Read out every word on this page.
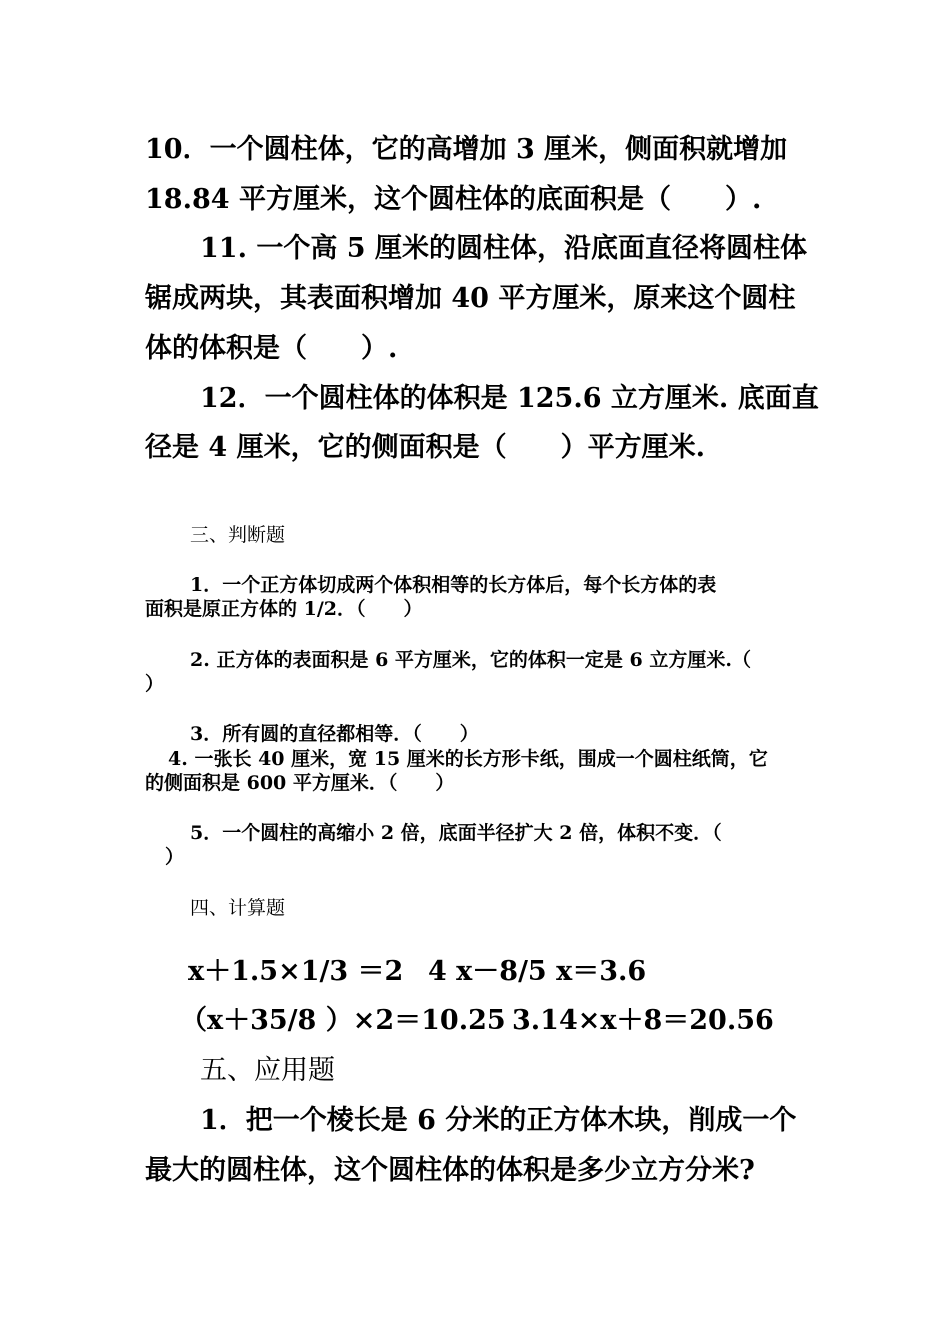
10．一个圆柱体，它的高增加 3 厘米，侧面积就增加
18.84 平方厘米，这个圆柱体的底面积是（　　）.
11. 一个高 5 厘米的圆柱体，沿底面直径将圆柱体
锯成两块，其表面积增加 40 平方厘米，原来这个圆柱
体的体积是（　　）.
12．一个圆柱体的体积是 125.6 立方厘米. 底面直
径是 4 厘米，它的侧面积是（　　）平方厘米.
三、判断题
1．一个正方体切成两个体积相等的长方体后，每个长方体的表
面积是原正方体的 1/2．（　　）
2. 正方体的表面积是 6 平方厘米，它的体积一定是 6 立方厘米.（
）
3．所有圆的直径都相等．（　　）
4. 一张长 40 厘米，宽 15 厘米的长方形卡纸，围成一个圆柱纸筒，它
的侧面积是 600 平方厘米．（　　）
5．一个圆柱的高缩小 2 倍，底面半径扩大 2 倍，体积不变．（
）
四、计算题
x＋1.5×1/3 ＝2 4 x－8/5 x＝3.6
（x＋35/8 ）×2＝10.25 3.14×x＋8＝20.56
五、应用题
1．把一个棱长是 6 分米的正方体木块，削成一个
最大的圆柱体，这个圆柱体的体积是多少立方分米?
